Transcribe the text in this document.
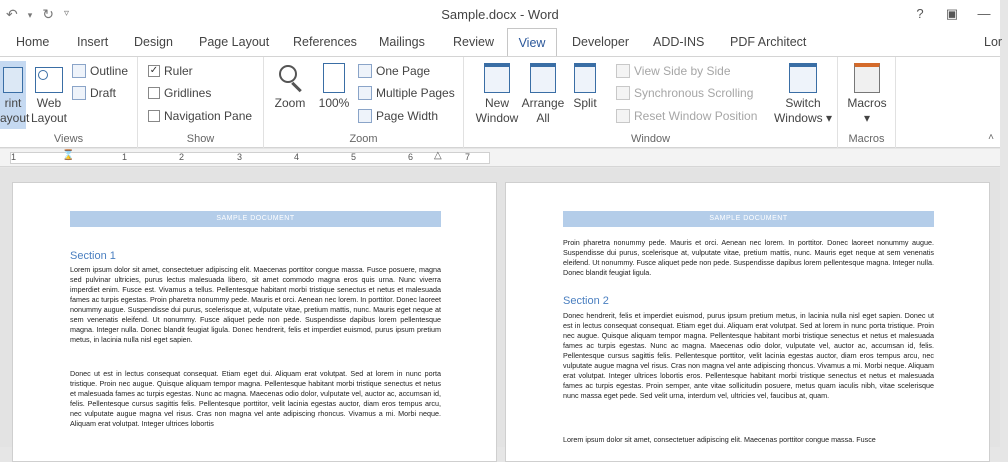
↶ ▾ ↻ ▿	Sample.docx - Word	?	▣	—
Home	Insert	Design	Page Layout	References	Mailings	Review	View	Developer	ADD-INS	PDF Architect	Lor
rint
ayout
Web
Layout
Outline
Draft
Views
✓ Ruler
Gridlines
Navigation Pane
Show
Zoom	100%
One Page
Multiple Pages
Page Width
Zoom
New
Window
Arrange
All
Split
View Side by Side
Synchronous Scrolling
Reset Window Position
Switch
Windows ▾
Window
Macros
▾
Macros	˄
1	⌛	1	2	3	4	5	6 △	7
SAMPLE DOCUMENT
Section 1
Lorem ipsum dolor sit amet, consectetuer adipiscing elit. Maecenas porttitor congue massa. Fusce posuere, magna sed pulvinar ultricies, purus lectus malesuada libero, sit amet commodo magna eros quis urna. Nunc viverra imperdiet enim. Fusce est. Vivamus a tellus. Pellentesque habitant morbi tristique senectus et netus et malesuada fames ac turpis egestas. Proin pharetra nonummy pede. Mauris et orci. Aenean nec lorem. In porttitor. Donec laoreet nonummy augue. Suspendisse dui purus, scelerisque at, vulputate vitae, pretium mattis, nunc. Mauris eget neque at sem venenatis eleifend. Ut nonummy. Fusce aliquet pede non pede. Suspendisse dapibus lorem pellentesque magna. Integer nulla. Donec blandit feugiat ligula. Donec hendrerit, felis et imperdiet euismod, purus ipsum pretium metus, in lacinia nulla nisl eget sapien.
Donec ut est in lectus consequat consequat. Etiam eget dui. Aliquam erat volutpat. Sed at lorem in nunc porta tristique. Proin nec augue. Quisque aliquam tempor magna. Pellentesque habitant morbi tristique senectus et netus et malesuada fames ac turpis egestas. Nunc ac magna. Maecenas odio dolor, vulputate vel, auctor ac, accumsan id, felis. Pellentesque cursus sagittis felis. Pellentesque porttitor, velit lacinia egestas auctor, diam eros tempus arcu, nec vulputate augue magna vel risus. Cras non magna vel ante adipiscing rhoncus. Vivamus a mi. Morbi neque. Aliquam erat volutpat. Integer ultrices lobortis
SAMPLE DOCUMENT
Proin pharetra nonummy pede. Mauris et orci. Aenean nec lorem. In porttitor. Donec laoreet nonummy augue. Suspendisse dui purus, scelerisque at, vulputate vitae, pretium mattis, nunc. Mauris eget neque at sem venenatis eleifend. Ut nonummy. Fusce aliquet pede non pede. Suspendisse dapibus lorem pellentesque magna. Integer nulla. Donec blandit feugiat ligula.
Section 2
Donec hendrerit, felis et imperdiet euismod, purus ipsum pretium metus, in lacinia nulla nisl eget sapien. Donec ut est in lectus consequat consequat. Etiam eget dui. Aliquam erat volutpat. Sed at lorem in nunc porta tristique. Proin nec augue. Quisque aliquam tempor magna. Pellentesque habitant morbi tristique senectus et netus et malesuada fames ac turpis egestas. Nunc ac magna. Maecenas odio dolor, vulputate vel, auctor ac, accumsan id, felis. Pellentesque cursus sagittis felis. Pellentesque porttitor, velit lacinia egestas auctor, diam eros tempus arcu, nec vulputate augue magna vel risus. Cras non magna vel ante adipiscing rhoncus. Vivamus a mi. Morbi neque. Aliquam erat volutpat. Integer ultrices lobortis eros. Pellentesque habitant morbi tristique senectus et netus et malesuada fames ac turpis egestas. Proin semper, ante vitae sollicitudin posuere, metus quam iaculis nibh, vitae scelerisque nunc massa eget pede. Sed velit urna, interdum vel, ultricies vel, faucibus at, quam.
Lorem ipsum dolor sit amet, consectetuer adipiscing elit. Maecenas porttitor congue massa. Fusce
